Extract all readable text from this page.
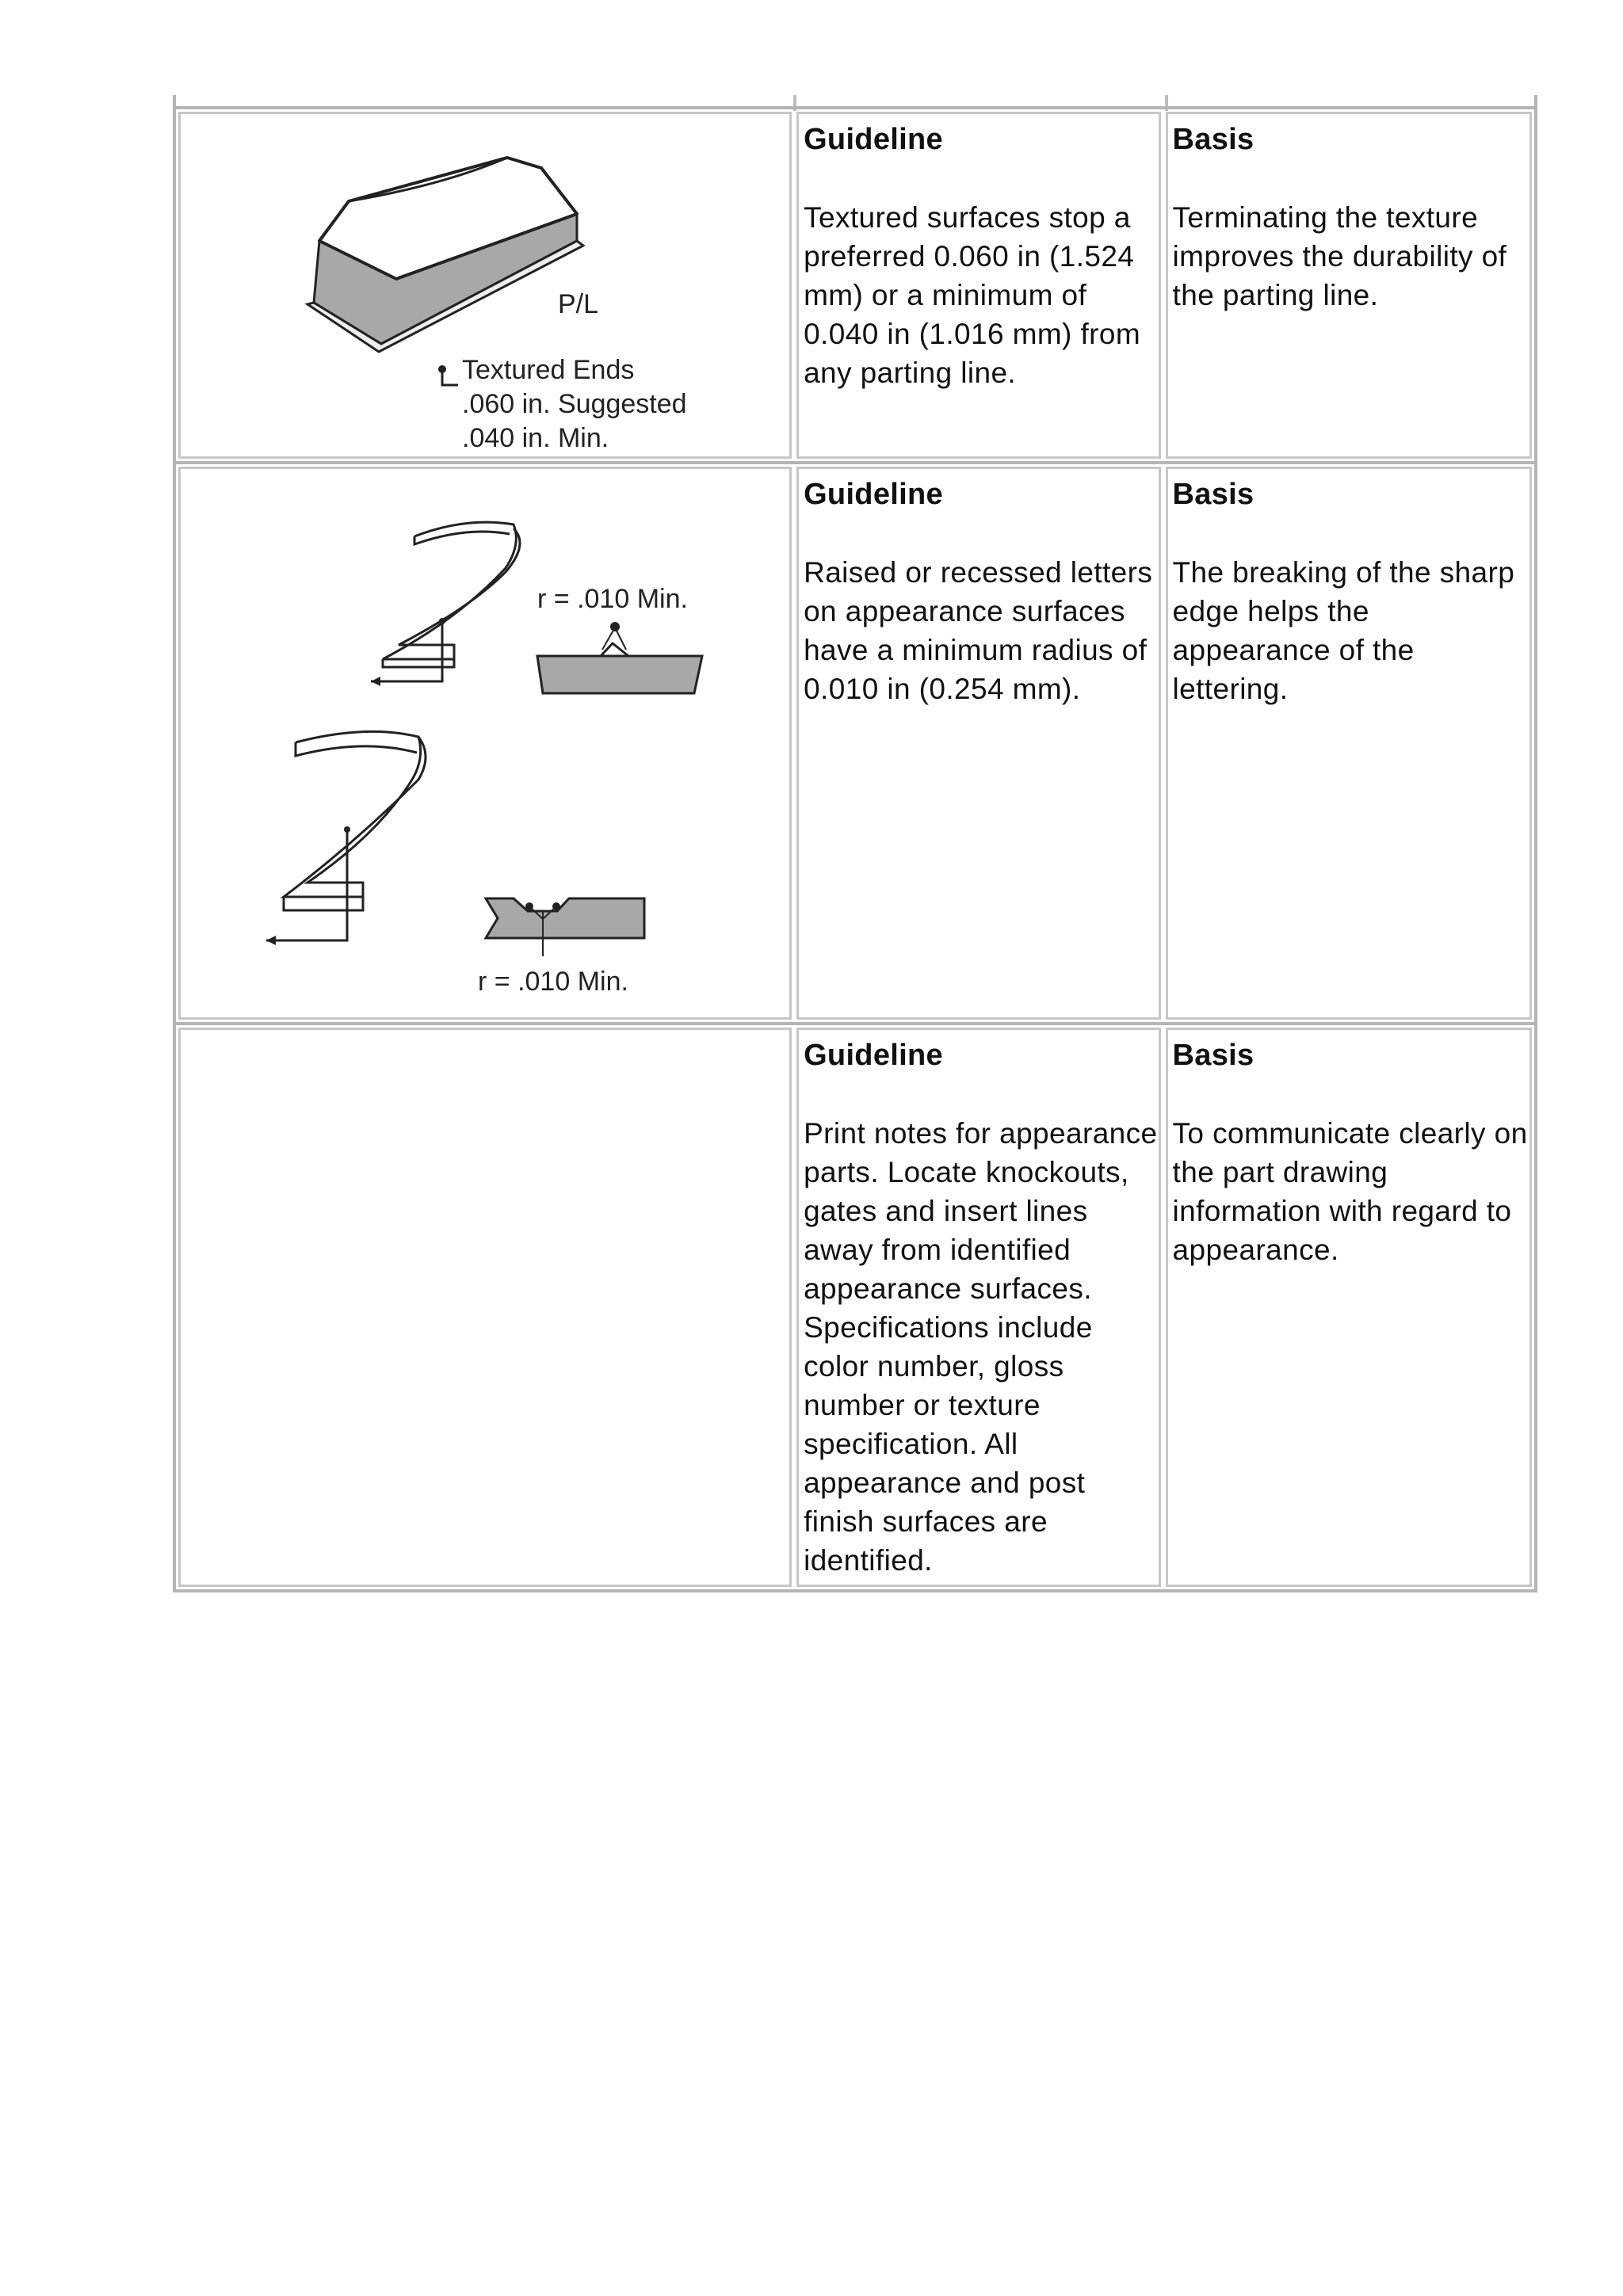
P/L
Textured Ends
.060 in. Suggested
.040 in. Min.
Guideline
Textured surfaces stop a preferred 0.060 in (1.524 mm) or a minimum of 0.040 in (1.016 mm) from any parting line.
Basis
Terminating the texture improves the durability of the parting line.
r = .010 Min.
r = .010 Min.
Guideline
Raised or recessed letters on appearance surfaces have a minimum radius of 0.010 in (0.254 mm).
Basis
The breaking of the sharp edge helps the appearance of the lettering.
Guideline
Print notes for appearance parts. Locate knockouts, gates and insert lines away from identified appearance surfaces. Specifications include color number, gloss number or texture specification. All appearance and post finish surfaces are identified.
Basis
To communicate clearly on the part drawing information with regard to appearance.
